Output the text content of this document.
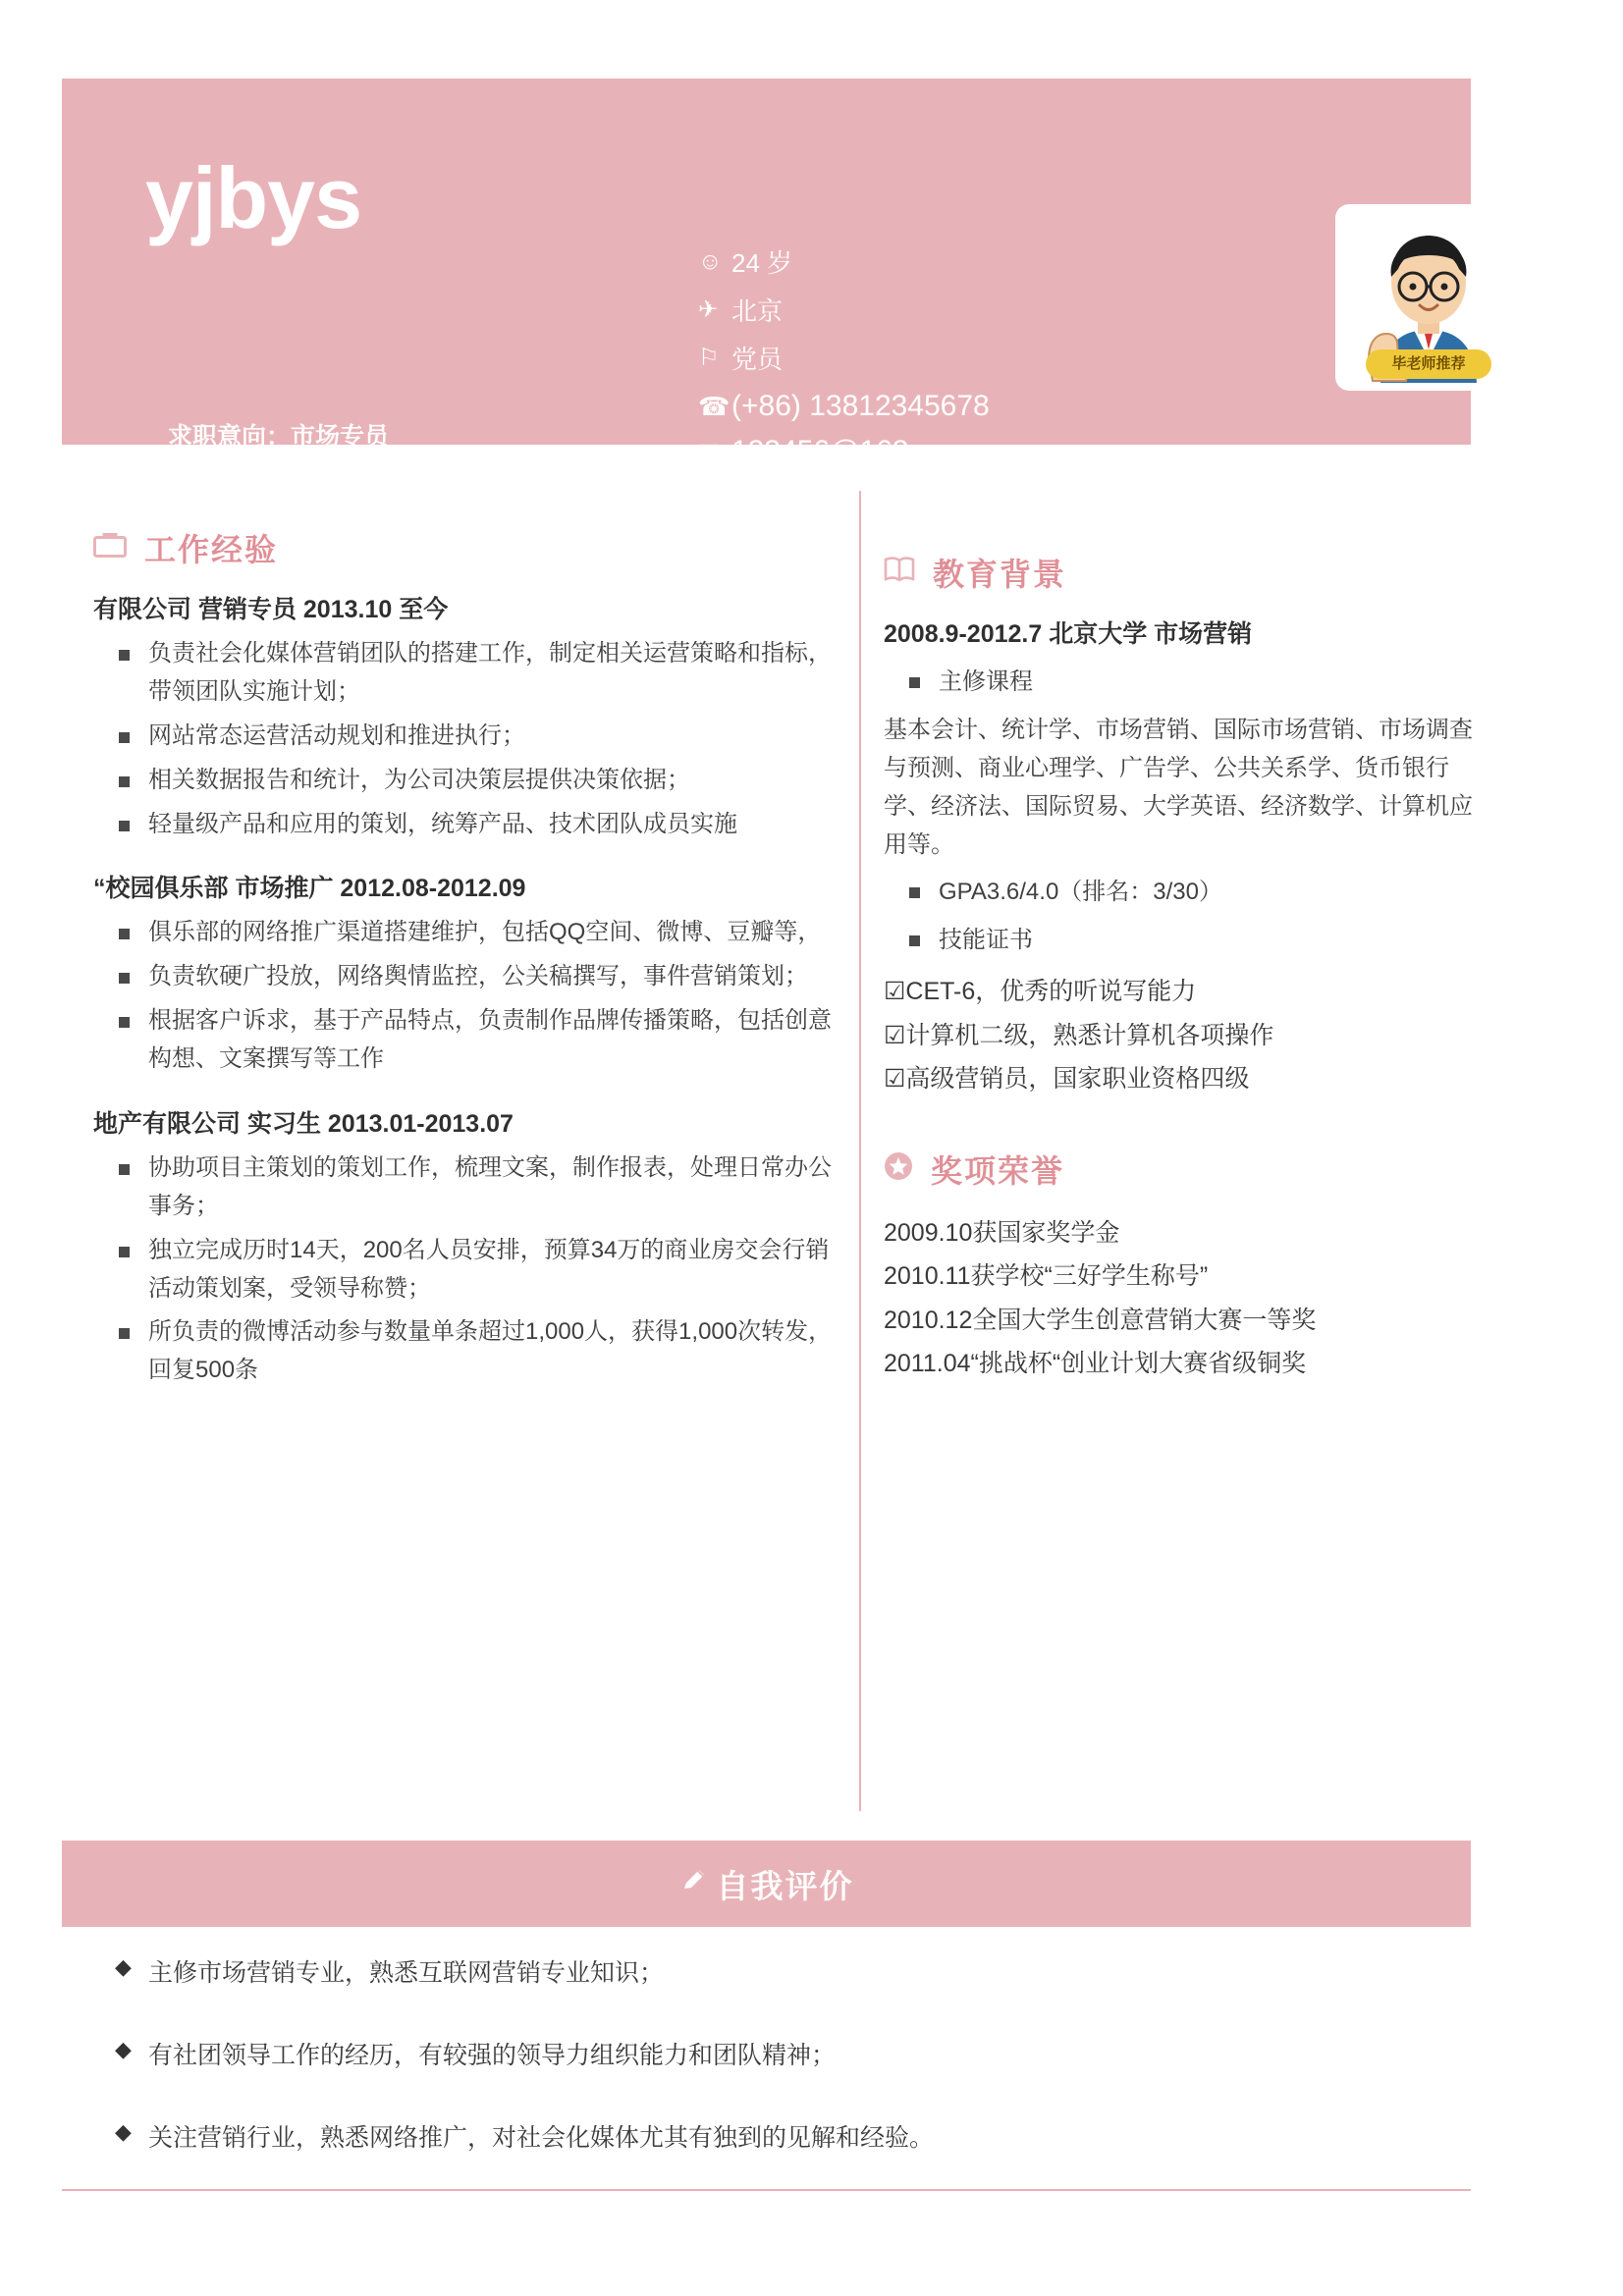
yjbys
求职意向：市场专员
☺ 24 岁
✈ 北京
⚐ 党员
☎ (+86) 13812345678
✉ 123456@163.com
毕老师推荐
工作经验
有限公司 营销专员 2013.10 至今
负责社会化媒体营销团队的搭建工作，制定相关运营策略和指标，带领团队实施计划；
网站常态运营活动规划和推进执行；
相关数据报告和统计，为公司决策层提供决策依据；
轻量级产品和应用的策划，统筹产品、技术团队成员实施
“校园俱乐部 市场推广 2012.08-2012.09
俱乐部的网络推广渠道搭建维护，包括QQ空间、微博、豆瓣等，
负责软硬广投放，网络舆情监控，公关稿撰写，事件营销策划；
根据客户诉求，基于产品特点，负责制作品牌传播策略，包括创意构想、文案撰写等工作
地产有限公司 实习生 2013.01-2013.07
协助项目主策划的策划工作，梳理文案，制作报表，处理日常办公事务；
独立完成历时14天，200名人员安排，预算34万的商业房交会行销活动策划案，受领导称赞；
所负责的微博活动参与数量单条超过1,000人，获得1,000次转发，回复500条
教育背景
2008.9-2012.7 北京大学 市场营销
主修课程
基本会计、统计学、市场营销、国际市场营销、市场调查与预测、商业心理学、广告学、公共关系学、货币银行学、经济法、国际贸易、大学英语、经济数学、计算机应用等。
GPA3.6/4.0（排名：3/30）
技能证书
☑CET-6，优秀的听说写能力
☑计算机二级，熟悉计算机各项操作
☑高级营销员，国家职业资格四级
奖项荣誉
2009.10获国家奖学金
2010.11获学校“三好学生称号”
2010.12全国大学生创意营销大赛一等奖
2011.04“挑战杯“创业计划大赛省级铜奖
自我评价
◆ 主修市场营销专业，熟悉互联网营销专业知识；
◆ 有社团领导工作的经历，有较强的领导力组织能力和团队精神；
◆ 关注营销行业，熟悉网络推广，对社会化媒体尤其有独到的见解和经验。
